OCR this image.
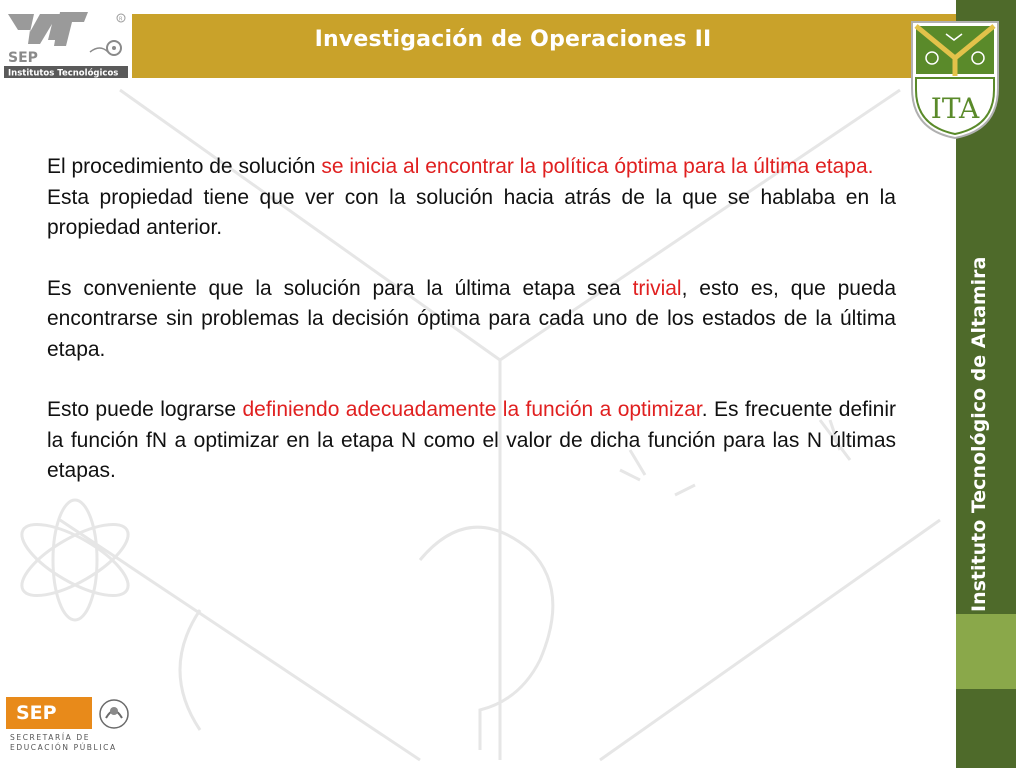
SEP
Institutos Tecnológicos
R
Investigación de Operaciones II
Instituto Tecnológico de Altamira
ITA

El procedimiento de solución se inicia al encontrar la política óptima para la última etapa.

Esta propiedad tiene que ver con la solución hacia atrás de la que se hablaba en la propiedad anterior.

Es conveniente que la solución para la última etapa sea trivial, esto es, que pueda encontrarse sin problemas la decisión óptima para cada uno de los estados de la última etapa.

Esto puede lograrse definiendo adecuadamente la función a optimizar. Es frecuente definir la función fN a optimizar en la etapa N como el valor de dicha función para las N últimas etapas.

SEP
SECRETARÍA DE
EDUCACIÓN PÚBLICA
